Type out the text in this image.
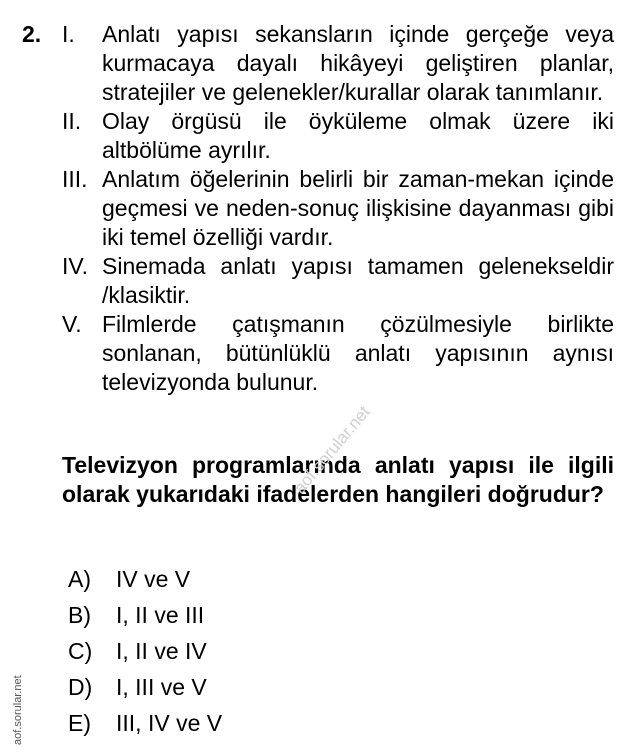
2. I.	Anlatı yapısı sekansların içinde gerçeğe veya kurmacaya dayalı hikâyeyi geliştiren planlar, stratejiler ve gelenekler/kurallar olarak tanımlanır.
II. Olay örgüsü ile öyküleme olmak üzere iki altbölüme ayrılır.
III. Anlatım öğelerinin belirli bir zaman-mekan içinde geçmesi ve neden-sonuç ilişkisine dayanması gibi iki temel özelliği vardır.
IV. Sinemada anlatı yapısı tamamen gelenekseldir /klasiktir.
V. Filmlerde çatışmanın çözülmesiyle birlikte sonlanan, bütünlüklü anlatı yapısının aynısı televizyonda bulunur.
Televizyon programlarında anlatı yapısı ile ilgili olarak yukarıdaki ifadelerden hangileri doğrudur?
A)	IV ve V
B)	I, II ve III
C)	I, II ve IV
D)	I, III ve V
E)	III, IV ve V
aof.sorular.net
aof.sorular.net
